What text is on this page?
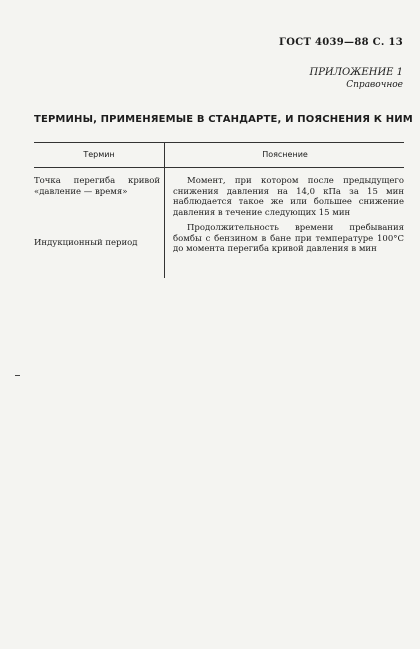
ГОСТ 4039—88 С. 13
ПРИЛОЖЕНИЕ 1
Справочное
ТЕРМИНЫ, ПРИМЕНЯЕМЫЕ В СТАНДАРТЕ, И ПОЯСНЕНИЯ К НИМ
Термин	Пояснение
Точка перегиба кривой «давление — время»
Момент, при котором после предыдущего снижения давления на 14,0 кПа за 15 мин наблюдается такое же или большее снижение давления в течение следующих 15 мин
Индукционный период
Продолжительность времени пребывания бомбы с бензином в бане при температуре 100°С до момента перегиба кривой давления в мин
